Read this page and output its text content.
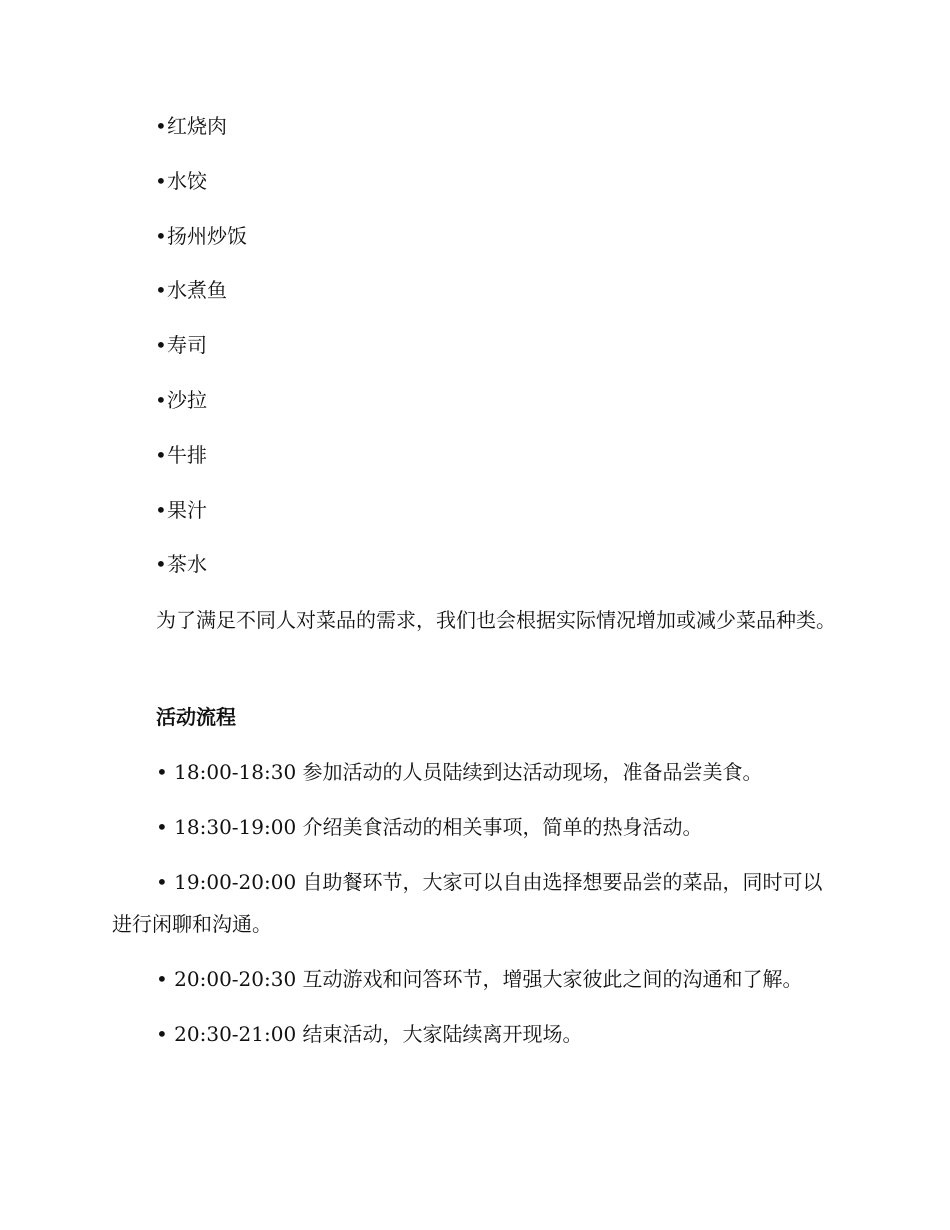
•红烧肉
•水饺
•扬州炒饭
•水煮鱼
•寿司
•沙拉
•牛排
•果汁
•茶水

为了满足不同人对菜品的需求，我们也会根据实际情况增加或减少菜品种类。

活动流程

• 18:00-18:30 参加活动的人员陆续到达活动现场，准备品尝美食。

• 18:30-19:00 介绍美食活动的相关事项，简单的热身活动。

• 19:00-20:00 自助餐环节，大家可以自由选择想要品尝的菜品，同时可以进行闲聊和沟通。

• 20:00-20:30 互动游戏和问答环节，增强大家彼此之间的沟通和了解。

• 20:30-21:00 结束活动，大家陆续离开现场。
